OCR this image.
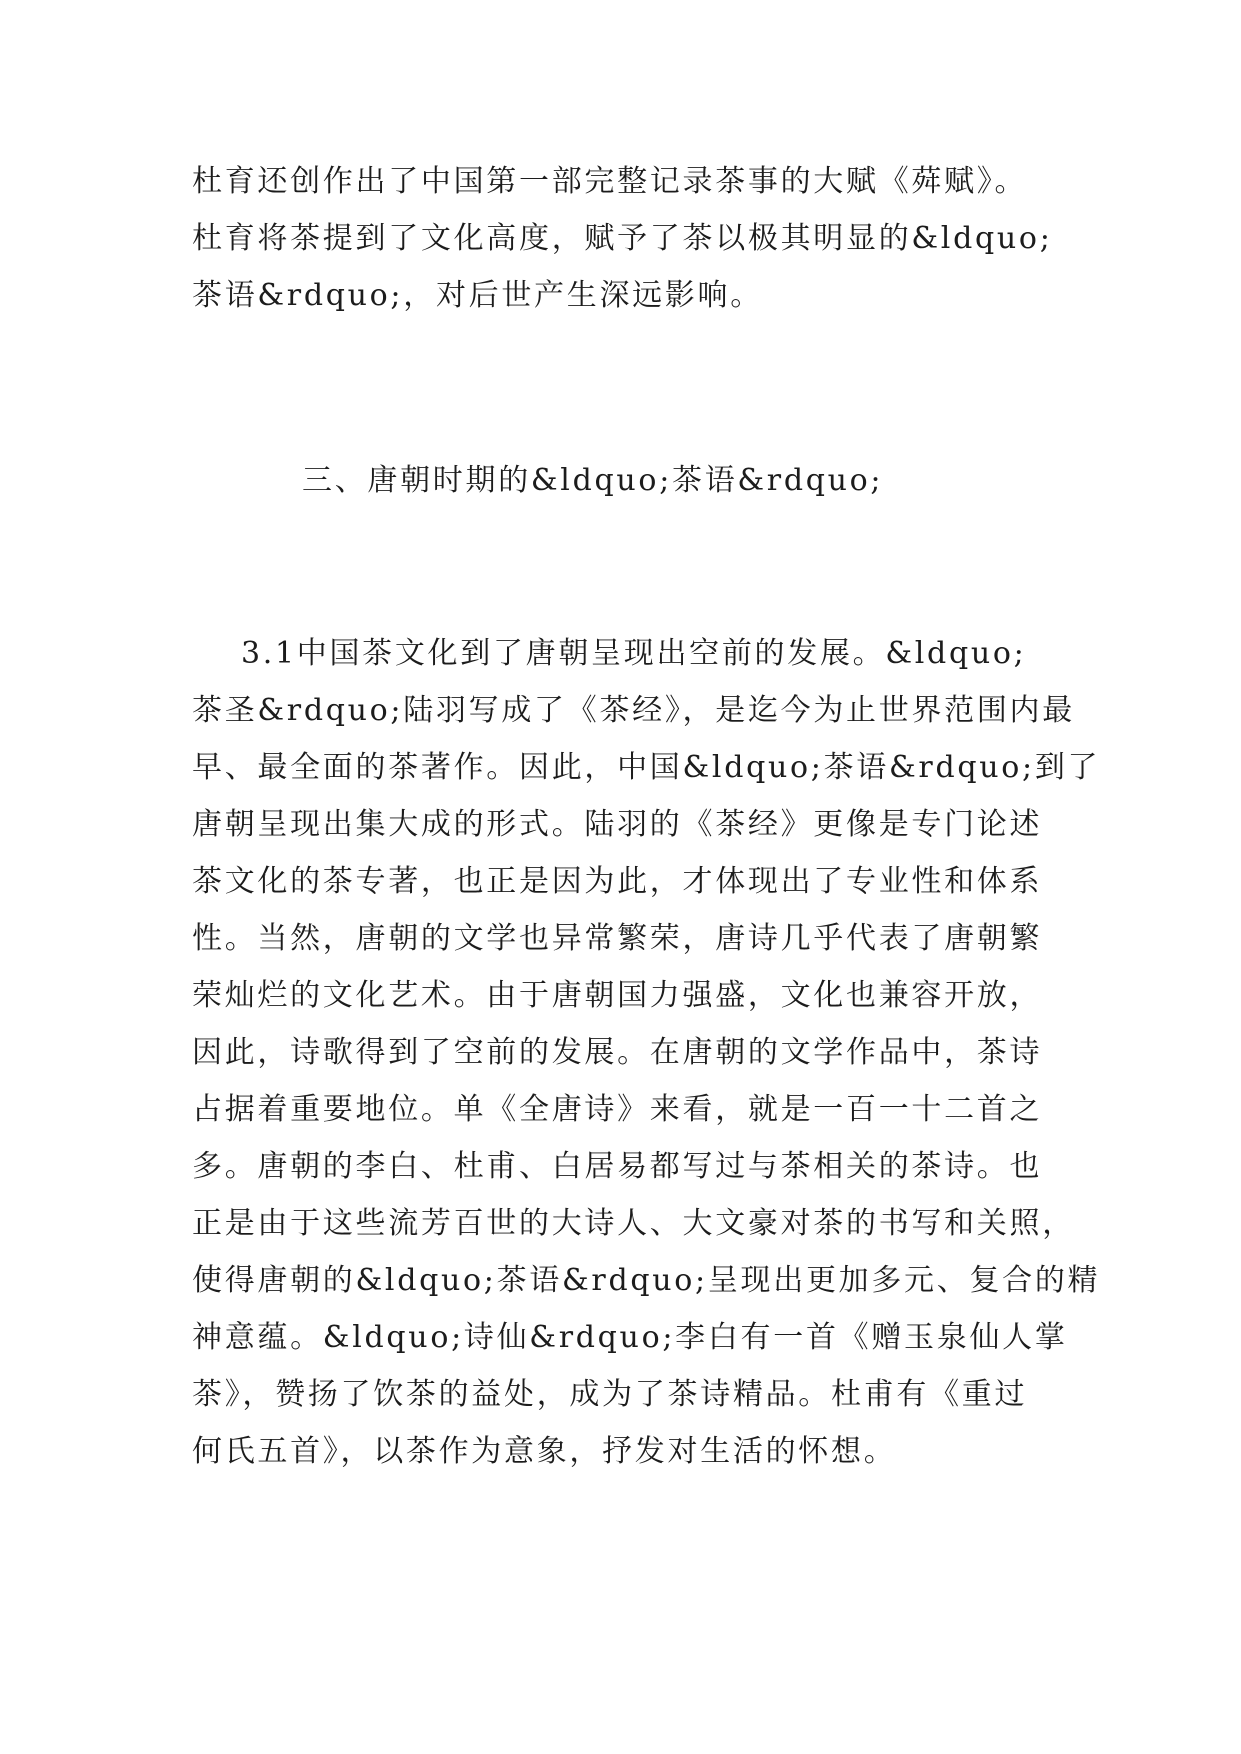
杜育还创作出了中国第一部完整记录茶事的大赋《荈赋》。
杜育将茶提到了文化高度，赋予了茶以极其明显的&ldquo;
茶语&rdquo;，对后世产生深远影响。
三、唐朝时期的&ldquo;茶语&rdquo;
3.1中国茶文化到了唐朝呈现出空前的发展。&ldquo;
茶圣&rdquo;陆羽写成了《茶经》，是迄今为止世界范围内最
早、最全面的茶著作。因此，中国&ldquo;茶语&rdquo;到了
唐朝呈现出集大成的形式。陆羽的《茶经》更像是专门论述
茶文化的茶专著，也正是因为此，才体现出了专业性和体系
性。当然，唐朝的文学也异常繁荣，唐诗几乎代表了唐朝繁
荣灿烂的文化艺术。由于唐朝国力强盛，文化也兼容开放，
因此，诗歌得到了空前的发展。在唐朝的文学作品中，茶诗
占据着重要地位。单《全唐诗》来看，就是一百一十二首之
多。唐朝的李白、杜甫、白居易都写过与茶相关的茶诗。也
正是由于这些流芳百世的大诗人、大文豪对茶的书写和关照，
使得唐朝的&ldquo;茶语&rdquo;呈现出更加多元、复合的精
神意蕴。&ldquo;诗仙&rdquo;李白有一首《赠玉泉仙人掌
茶》，赞扬了饮茶的益处，成为了茶诗精品。杜甫有《重过
何氏五首》，以茶作为意象，抒发对生活的怀想。
